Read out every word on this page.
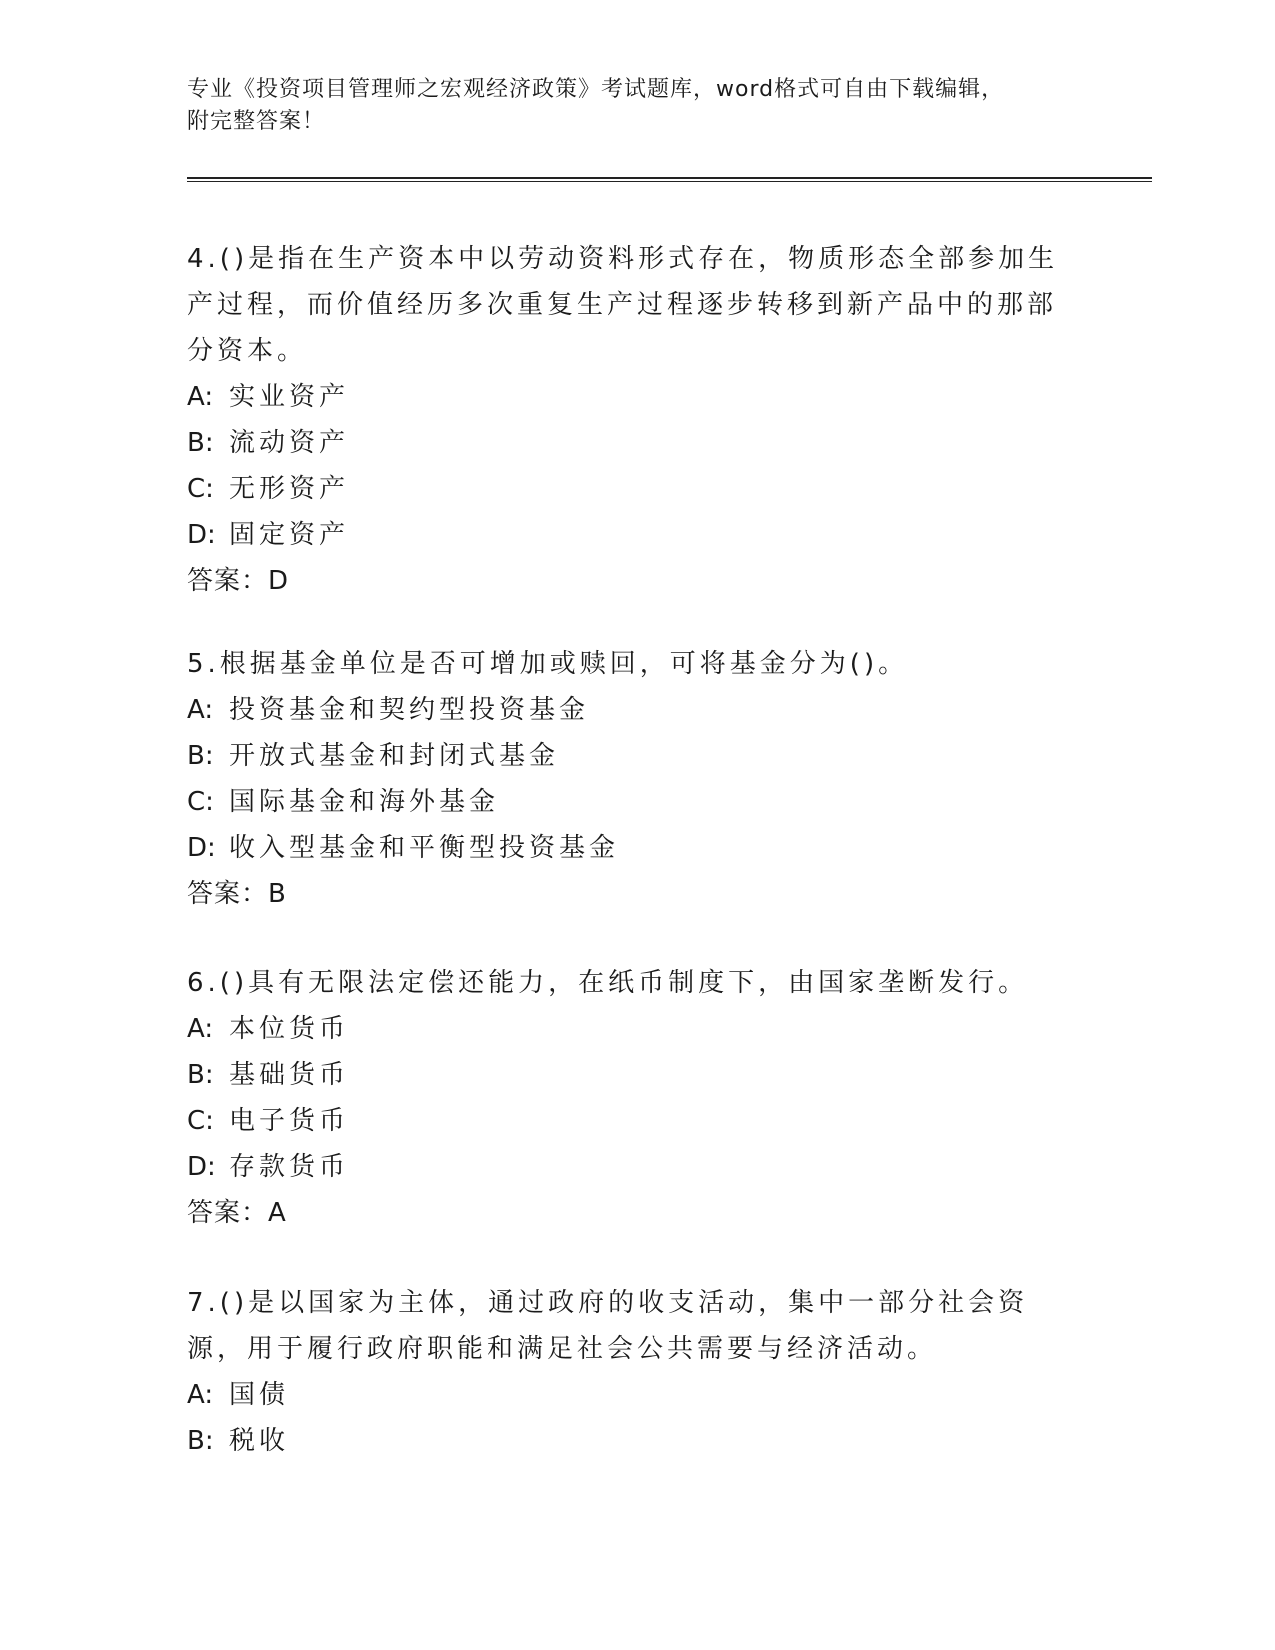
专业《投资项目管理师之宏观经济政策》考试题库，word格式可自由下载编辑，
附完整答案！

4.()是指在生产资本中以劳动资料形式存在，物质形态全部参加生产过程，而价值经历多次重复生产过程逐步转移到新产品中的那部分资本。

A: 实业资产

B: 流动资产

C: 无形资产

D: 固定资产

答案：D

5.根据基金单位是否可增加或赎回，可将基金分为()。

A: 投资基金和契约型投资基金

B: 开放式基金和封闭式基金

C: 国际基金和海外基金

D: 收入型基金和平衡型投资基金

答案：B

6.()具有无限法定偿还能力，在纸币制度下，由国家垄断发行。

A: 本位货币

B: 基础货币

C: 电子货币

D: 存款货币

答案：A

7.()是以国家为主体，通过政府的收支活动，集中一部分社会资源，用于履行政府职能和满足社会公共需要与经济活动。

A: 国债

B: 税收
